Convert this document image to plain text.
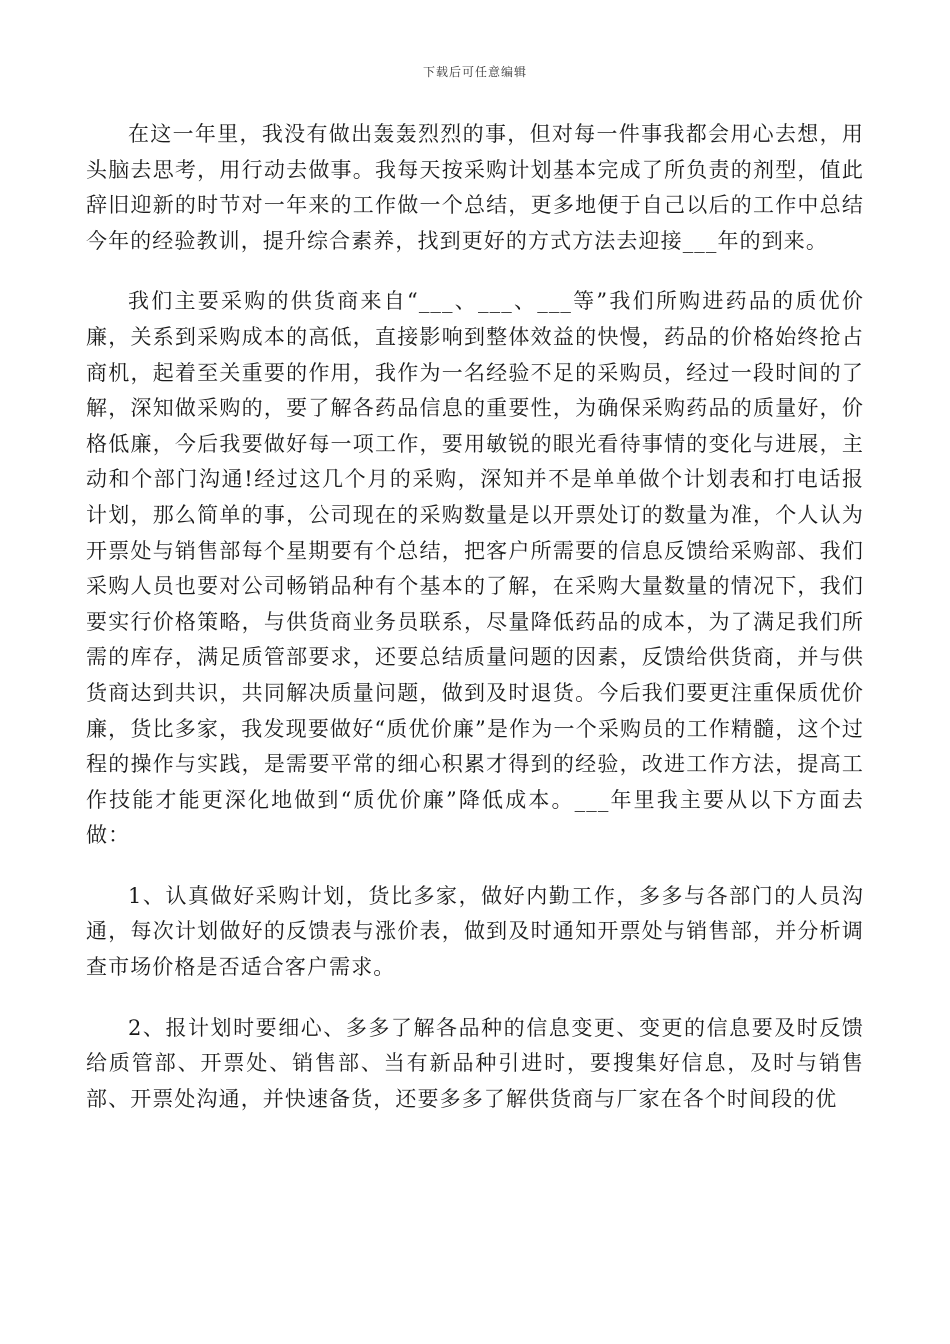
下载后可任意编辑

在这一年里，我没有做出轰轰烈烈的事，但对每一件事我都会用心去想，用头脑去思考，用行动去做事。我每天按采购计划基本完成了所负责的剂型，值此辞旧迎新的时节对一年来的工作做一个总结，更多地便于自己以后的工作中总结今年的经验教训，提升综合素养，找到更好的方式方法去迎接___年的到来。

我们主要采购的供货商来自“___、___、___等”我们所购进药品的质优价廉，关系到采购成本的高低，直接影响到整体效益的快慢，药品的价格始终抢占商机，起着至关重要的作用，我作为一名经验不足的采购员，经过一段时间的了解，深知做采购的，要了解各药品信息的重要性，为确保采购药品的质量好，价格低廉，今后我要做好每一项工作，要用敏锐的眼光看待事情的变化与进展，主动和个部门沟通!经过这几个月的采购，深知并不是单单做个计划表和打电话报计划，那么简单的事，公司现在的采购数量是以开票处订的数量为准，个人认为开票处与销售部每个星期要有个总结，把客户所需要的信息反馈给采购部、我们采购人员也要对公司畅销品种有个基本的了解，在采购大量数量的情况下，我们要实行价格策略，与供货商业务员联系，尽量降低药品的成本，为了满足我们所需的库存，满足质管部要求，还要总结质量问题的因素，反馈给供货商，并与供货商达到共识，共同解决质量问题，做到及时退货。今后我们要更注重保质优价廉，货比多家，我发现要做好“质优价廉”是作为一个采购员的工作精髓，这个过程的操作与实践，是需要平常的细心积累才得到的经验，改进工作方法，提高工作技能才能更深化地做到“质优价廉”降低成本。___年里我主要从以下方面去做：

1、认真做好采购计划，货比多家，做好内勤工作，多多与各部门的人员沟通，每次计划做好的反馈表与涨价表，做到及时通知开票处与销售部，并分析调查市场价格是否适合客户需求。

2、报计划时要细心、多多了解各品种的信息变更、变更的信息要及时反馈给质管部、开票处、销售部、当有新品种引进时，要搜集好信息，及时与销售部、开票处沟通，并快速备货，还要多多了解供货商与厂家在各个时间段的优
